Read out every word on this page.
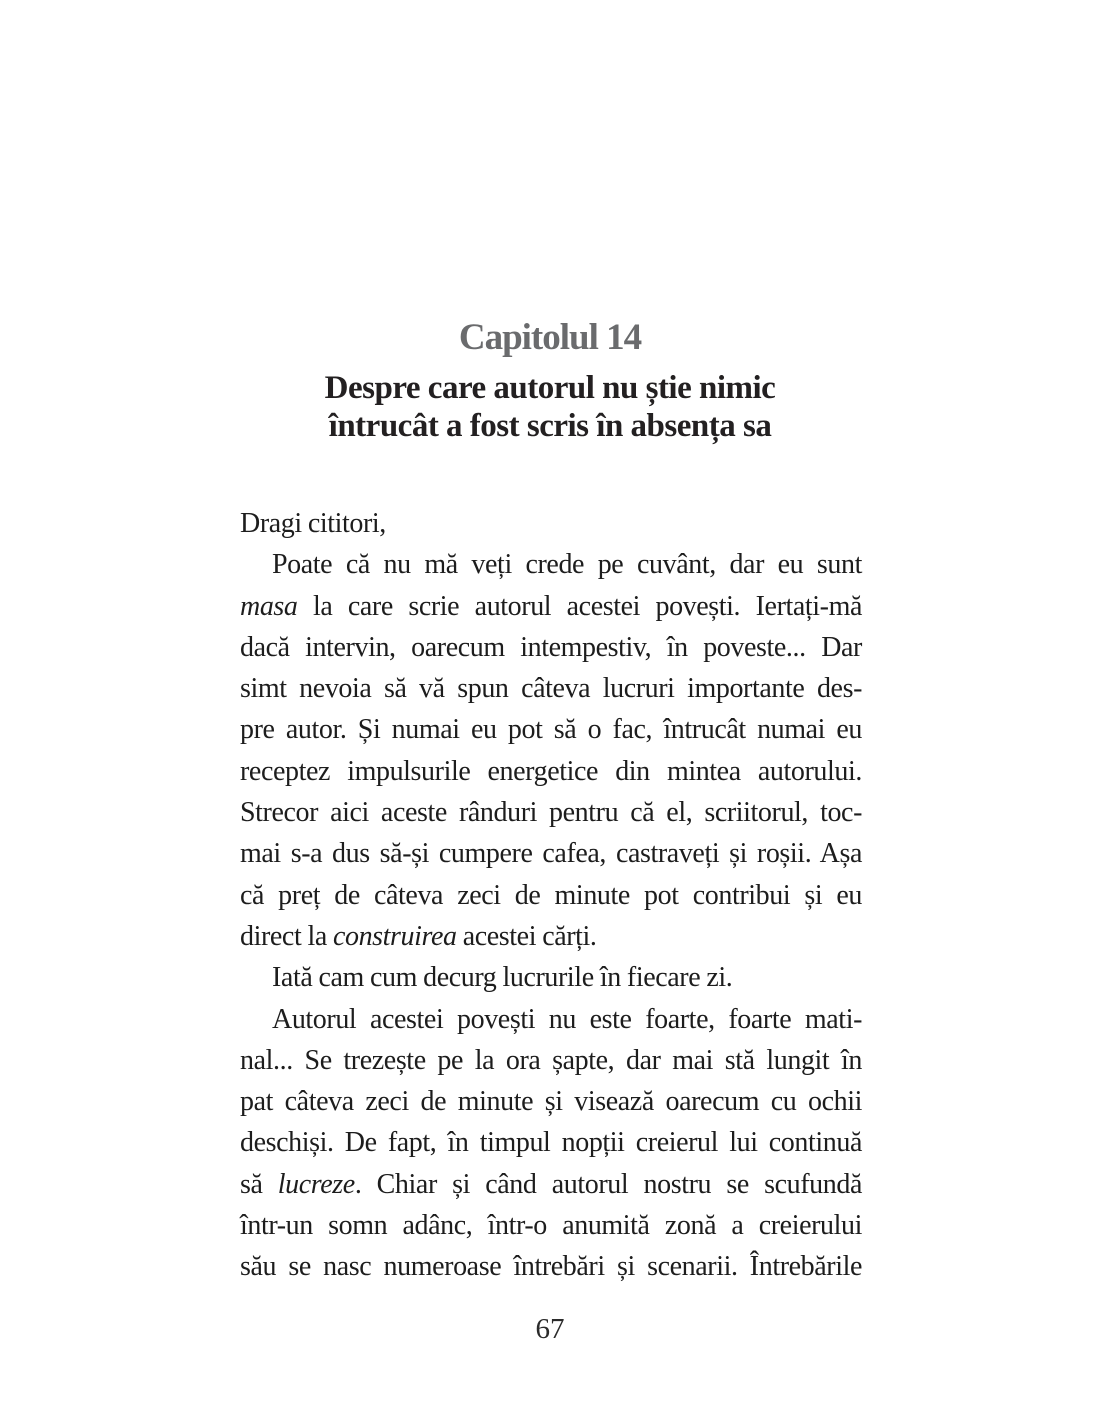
Capitolul 14
Despre care autorul nu știe nimic
întrucât a fost scris în absența sa
Dragi cititori,
Poate că nu mă veți crede pe cuvânt, dar eu sunt
masa la care scrie autorul acestei povești. Iertați-mă
dacă intervin, oarecum intempestiv, în poveste... Dar
simt nevoia să vă spun câteva lucruri importante des-
pre autor. Și numai eu pot să o fac, întrucât numai eu
receptez impulsurile energetice din mintea autorului.
Strecor aici aceste rânduri pentru că el, scriitorul, toc-
mai s-a dus să-și cumpere cafea, castraveți și roșii. Așa
că preț de câteva zeci de minute pot contribui și eu
direct la construirea acestei cărți.
Iată cam cum decurg lucrurile în fiecare zi.
Autorul acestei povești nu este foarte, foarte mati-
nal... Se trezește pe la ora șapte, dar mai stă lungit în
pat câteva zeci de minute și visează oarecum cu ochii
deschiși. De fapt, în timpul nopții creierul lui continuă
să lucreze. Chiar și când autorul nostru se scufundă
într-un somn adânc, într-o anumită zonă a creierului
său se nasc numeroase întrebări și scenarii. Întrebările
67
